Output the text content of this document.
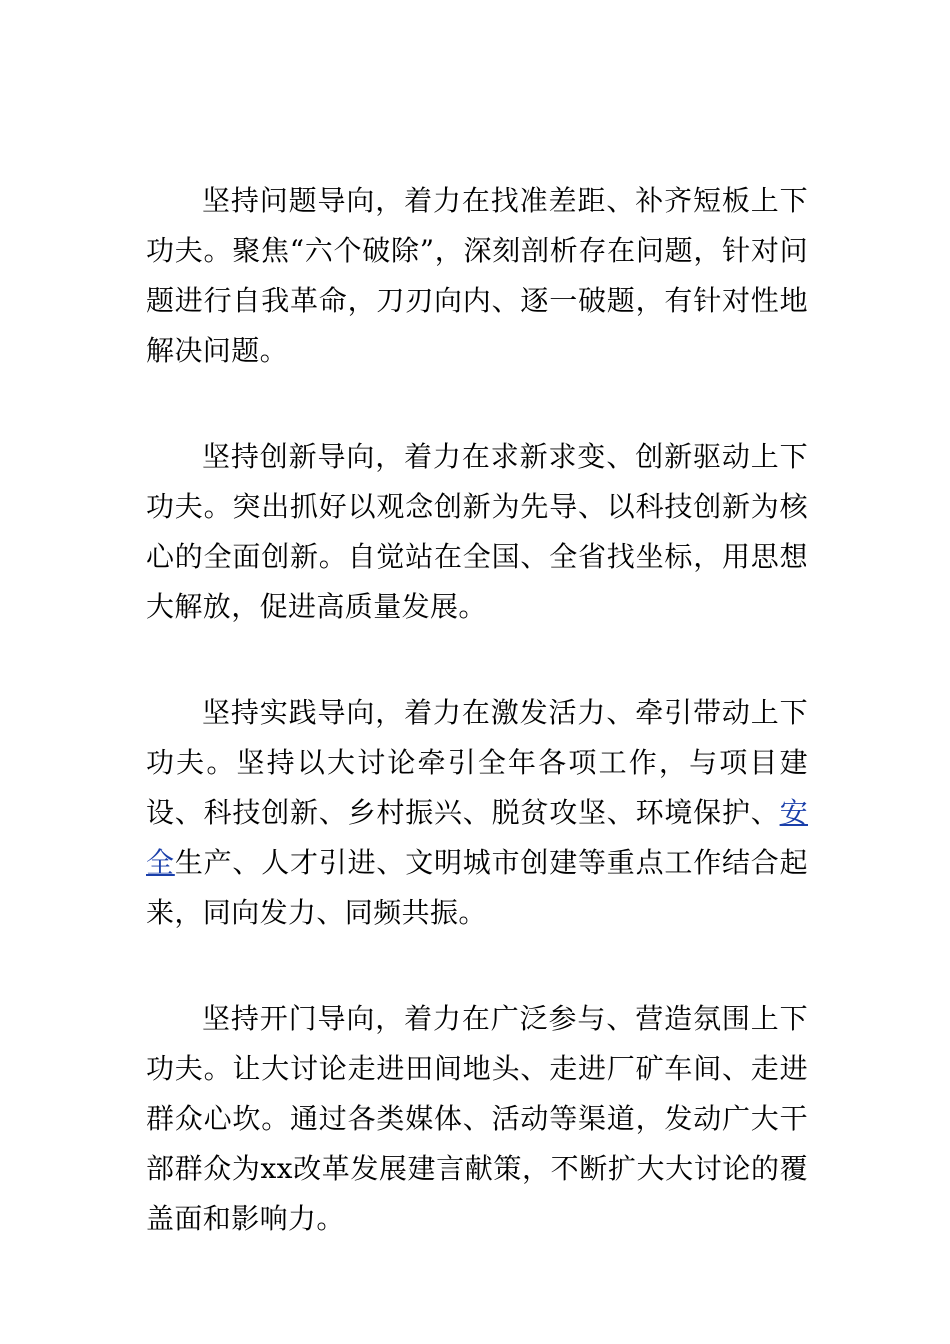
坚持问题导向，着力在找准差距、补齐短板上下功夫。聚焦“六个破除”，深刻剖析存在问题，针对问题进行自我革命，刀刃向内、逐一破题，有针对性地解决问题。

坚持创新导向，着力在求新求变、创新驱动上下功夫。突出抓好以观念创新为先导、以科技创新为核心的全面创新。自觉站在全国、全省找坐标，用思想大解放，促进高质量发展。

坚持实践导向，着力在激发活力、牵引带动上下功夫。坚持以大讨论牵引全年各项工作，与项目建设、科技创新、乡村振兴、脱贫攻坚、环境保护、安全生产、人才引进、文明城市创建等重点工作结合起来，同向发力、同频共振。

坚持开门导向，着力在广泛参与、营造氛围上下功夫。让大讨论走进田间地头、走进厂矿车间、走进群众心坎。通过各类媒体、活动等渠道，发动广大干部群众为xx改革发展建言献策，不断扩大大讨论的覆盖面和影响力。
